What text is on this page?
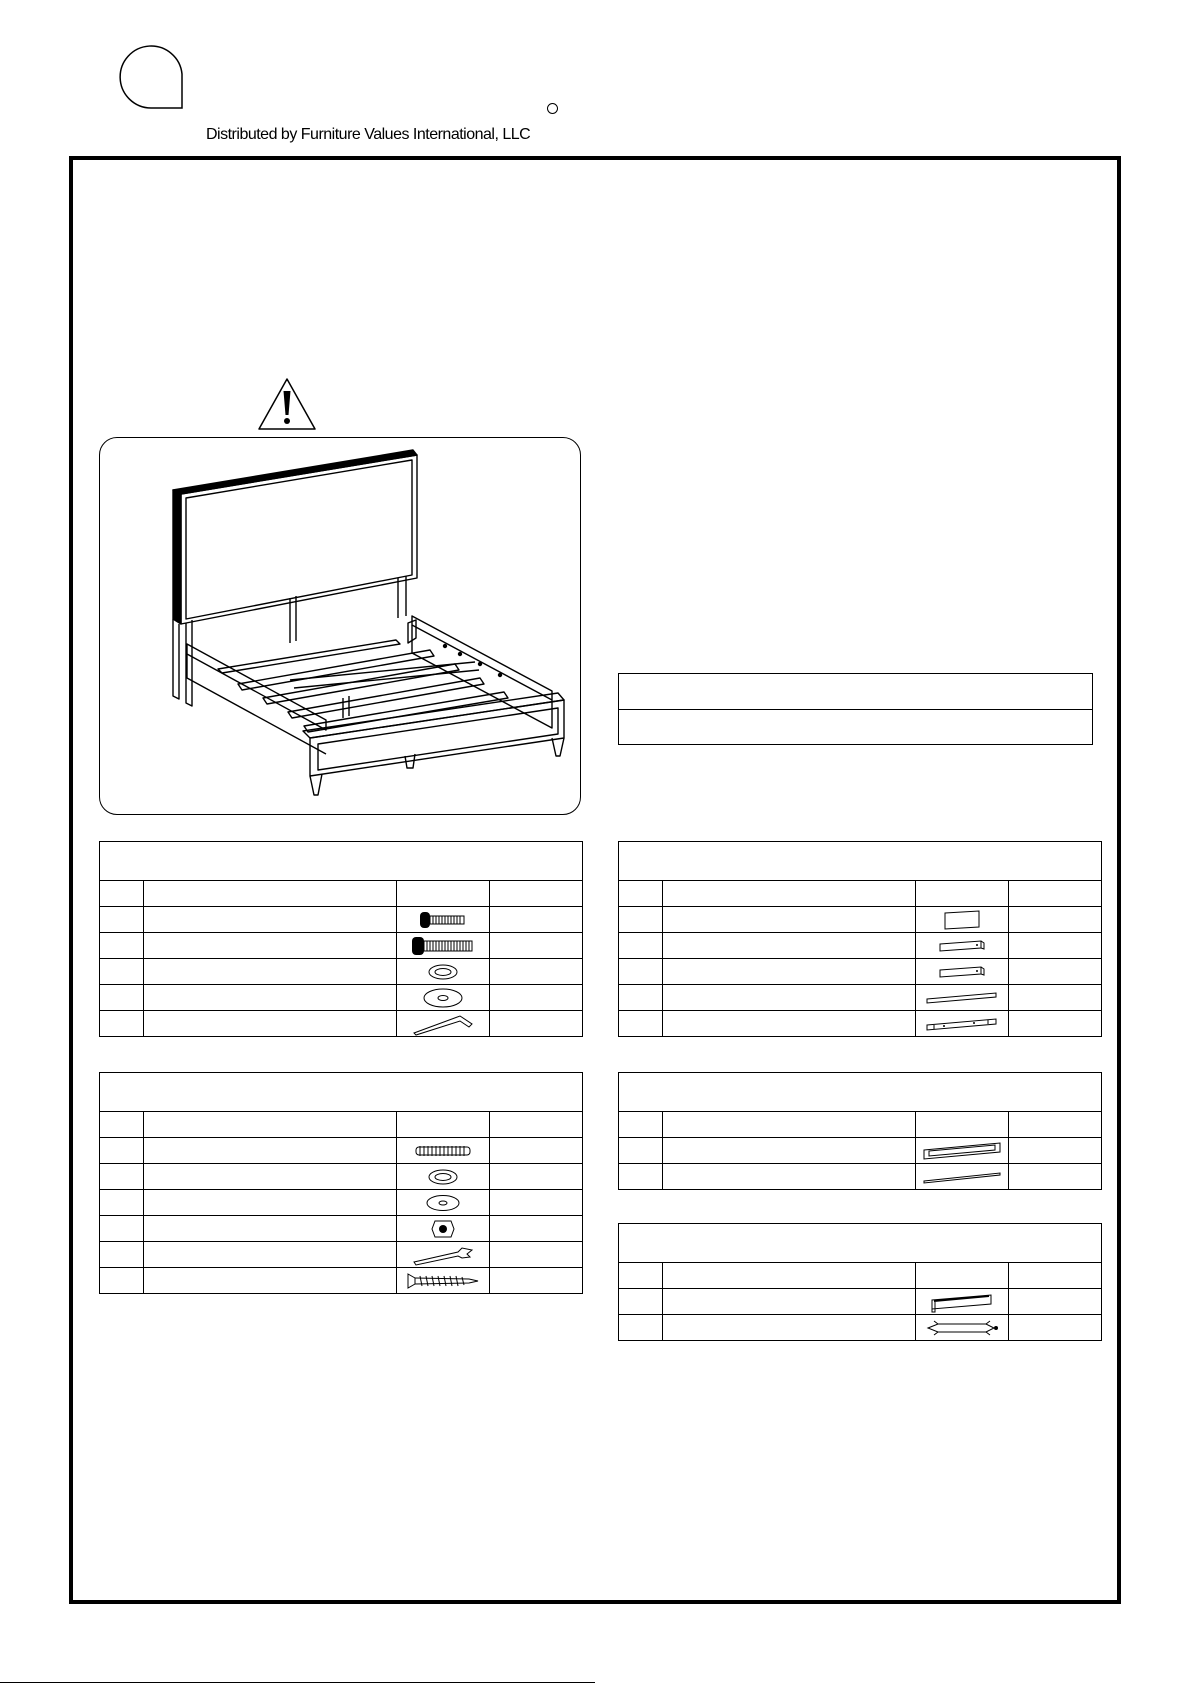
Distributed by Furniture Values International, LLC
